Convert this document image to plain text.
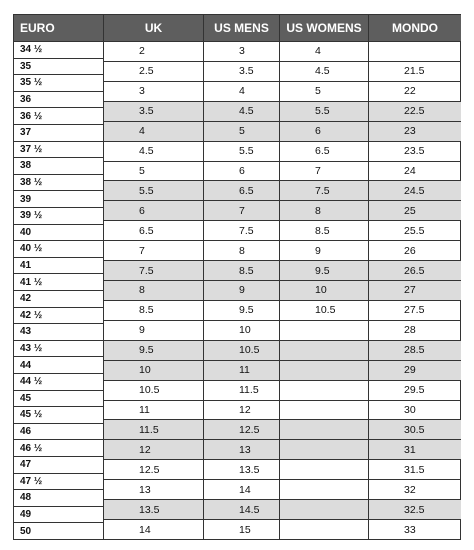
EURO
34 ½
35
35 ½
36
36 ½
37
37 ½
38
38 ½
39
39 ½
40
40 ½
41
41 ½
42
42 ½
43
43 ½
44
44 ½
45
45 ½
46
46 ½
47
47 ½
48
49
50
UK
2
2.5
3
3.5
4
4.5
5
5.5
6
6.5
7
7.5
8
8.5
9
9.5
10
10.5
11
11.5
12
12.5
13
13.5
14
US MENS
3
3.5
4
4.5
5
5.5
6
6.5
7
7.5
8
8.5
9
9.5
10
10.5
11
11.5
12
12.5
13
13.5
14
14.5
15
US WOMENS
4
4.5
5
5.5
6
6.5
7
7.5
8
8.5
9
9.5
10
10.5
MONDO
21.5
22
22.5
23
23.5
24
24.5
25
25.5
26
26.5
27
27.5
28
28.5
29
29.5
30
30.5
31
31.5
32
32.5
33
